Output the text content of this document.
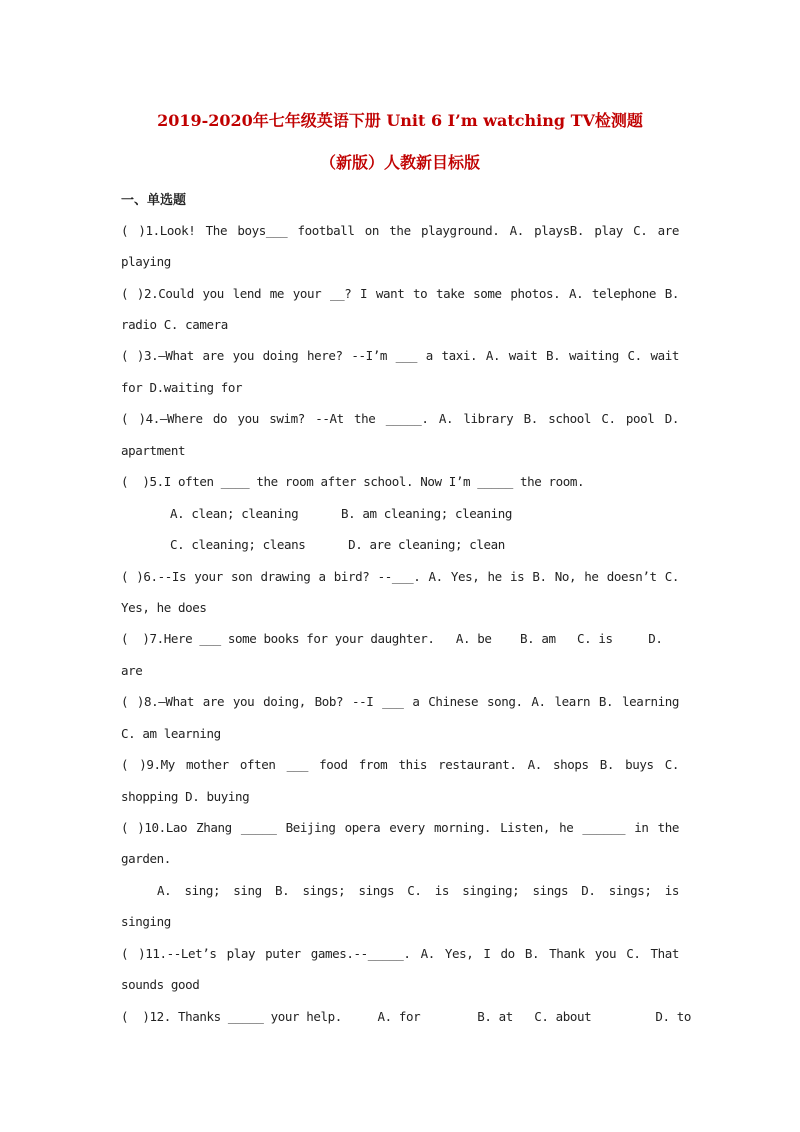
2019-2020年七年级英语下册 Unit 6 I’m watching TV检测题
（新版）人教新目标版
一、单选题
( )1.Look! The boys___ football on the playground. A. playsB. play C. are
playing
( )2.Could you lend me your __? I want to take some photos. A. telephone B.
radio C. camera
( )3.—What are you doing here? --I’m ___ a taxi. A. wait B. waiting C. wait
for D.waiting for
( )4.—Where do you swim? --At the _____. A. library B. school C. pool D.
apartment
(  )5.I often ____ the room after school. Now I’m _____ the room.
A. clean; cleaning      B. am cleaning; cleaning
C. cleaning; cleans      D. are cleaning; clean
( )6.--Is your son drawing a bird? --___. A. Yes, he is B. No, he doesn’t C.
Yes, he does
(  )7.Here ___ some books for your daughter.   A. be    B. am   C. is     D.
are
( )8.—What are you doing, Bob? --I ___ a Chinese song. A. learn B. learning
C. am learning
( )9.My mother often ___ food from this restaurant. A. shops B. buys C.
shopping D. buying
( )10.Lao Zhang _____ Beijing opera every morning. Listen, he ______ in the
garden.
A. sing; sing B. sings; sings C. is singing; sings D. sings; is
singing
( )11.--Let’s play puter games.--_____. A. Yes, I do B. Thank you C. That
sounds good
(  )12. Thanks _____ your help.     A. for        B. at   C. about         D. to
